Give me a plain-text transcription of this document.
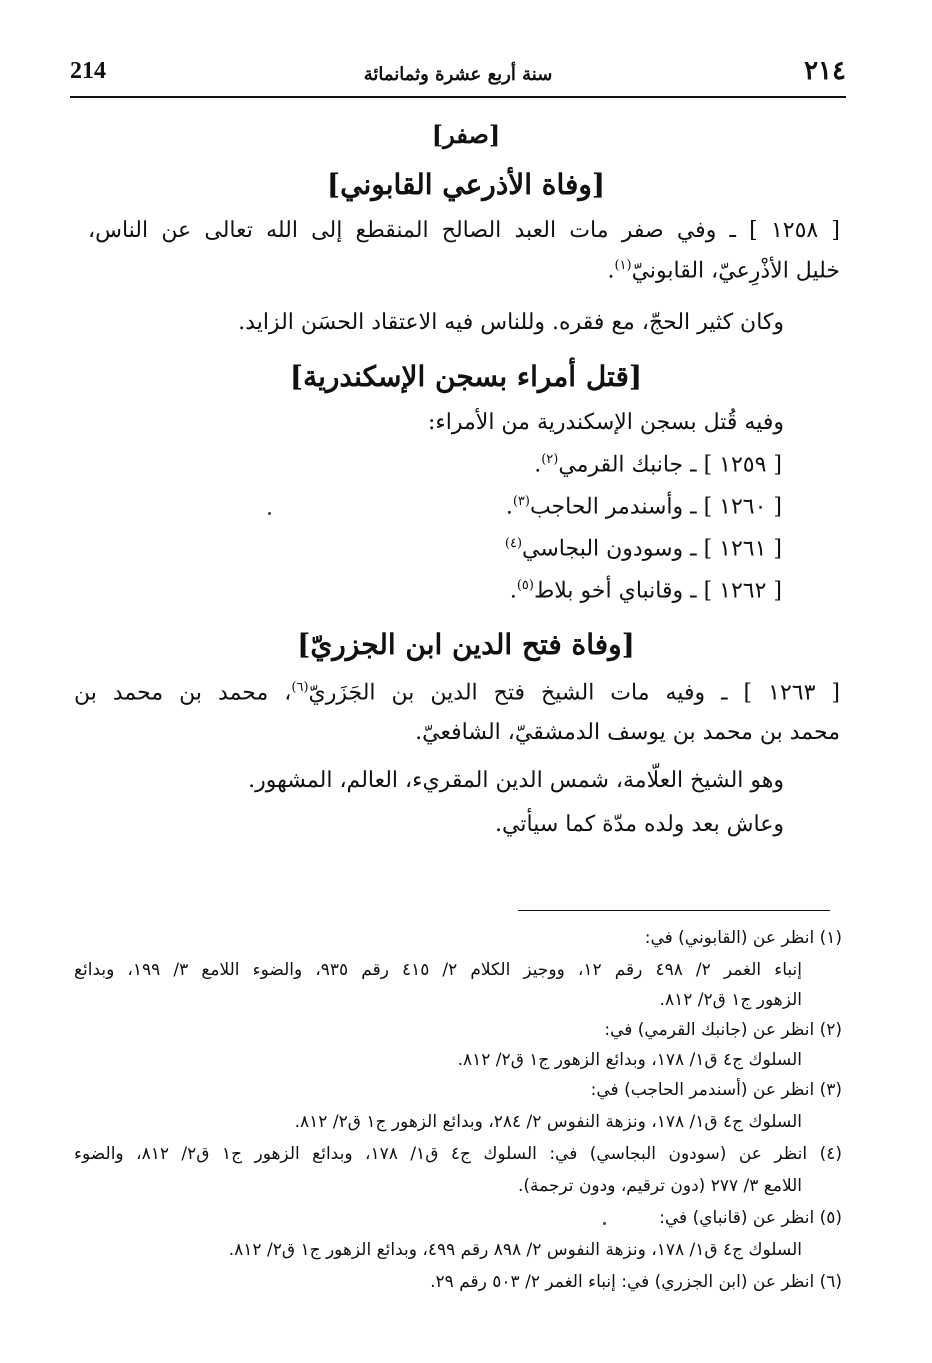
214	سنة أربع عشرة وثمانمائة	٢١٤
[صفر]
[وفاة الأذرعي القابوني]
[ ١٢٥٨ ] ـ وفي صفر مات العبد الصالح المنقطع إلى الله تعالى عن الناس،
خليل الأذْرِعيّ، القابونيّ$^{(١)}$.
وكان كثير الحجّ، مع فقره. وللناس فيه الاعتقاد الحسَن الزايد.
[قتل أمراء بسجن الإسكندرية]
وفيه قُتل بسجن الإسكندرية من الأمراء:
[ ١٢٥٩ ] ـ جانبك القرمي$^{(٢)}$.
[ ١٢٦٠ ] ـ وأسندمر الحاجب$^{(٣)}$.
[ ١٢٦١ ] ـ وسودون البجاسي$^{(٤)}$
[ ١٢٦٢ ] ـ وقانباي أخو بلاط$^{(٥)}$.
[وفاة فتح الدين ابن الجزريّ]
[ ١٢٦٣ ] ـ وفيه مات الشيخ فتح الدين بن الجَزَريّ$^{(٦)}$، محمد بن محمد بن
محمد بن محمد بن يوسف الدمشقيّ، الشافعيّ.
وهو الشيخ العلّامة، شمس الدين المقريء، العالم، المشهور.
وعاش بعد ولده مدّة كما سيأتي.
(١) انظر عن (القابوني) في:
إنباء الغمر ٢/ ٤٩٨ رقم ١٢، ووجيز الكلام ٢/ ٤١٥ رقم ٩٣٥، والضوء اللامع ٣/ ١٩٩، وبدائع
الزهور ج١ ق٢/ ٨١٢.
(٢) انظر عن (جانبك القرمي) في:
السلوك ج٤ ق١/ ١٧٨، وبدائع الزهور ج١ ق٢/ ٨١٢.
(٣) انظر عن (أسندمر الحاجب) في:
السلوك ج٤ ق١/ ١٧٨، ونزهة النفوس ٢/ ٢٨٤، وبدائع الزهور ج١ ق٢/ ٨١٢.
(٤) انظر عن (سودون البجاسي) في: السلوك ج٤ ق١/ ١٧٨، وبدائع الزهور ج١ ق٢/ ٨١٢، والضوء
اللامع ٣/ ٢٧٧ (دون ترقيم، ودون ترجمة).
(٥) انظر عن (قانباي) في:
السلوك ج٤ ق١/ ١٧٨، ونزهة النفوس ٢/ ٨٩٨ رقم ٤٩٩، وبدائع الزهور ج١ ق٢/ ٨١٢.
(٦) انظر عن (ابن الجزري) في: إنباء الغمر ٢/ ٥٠٣ رقم ٢٩.
